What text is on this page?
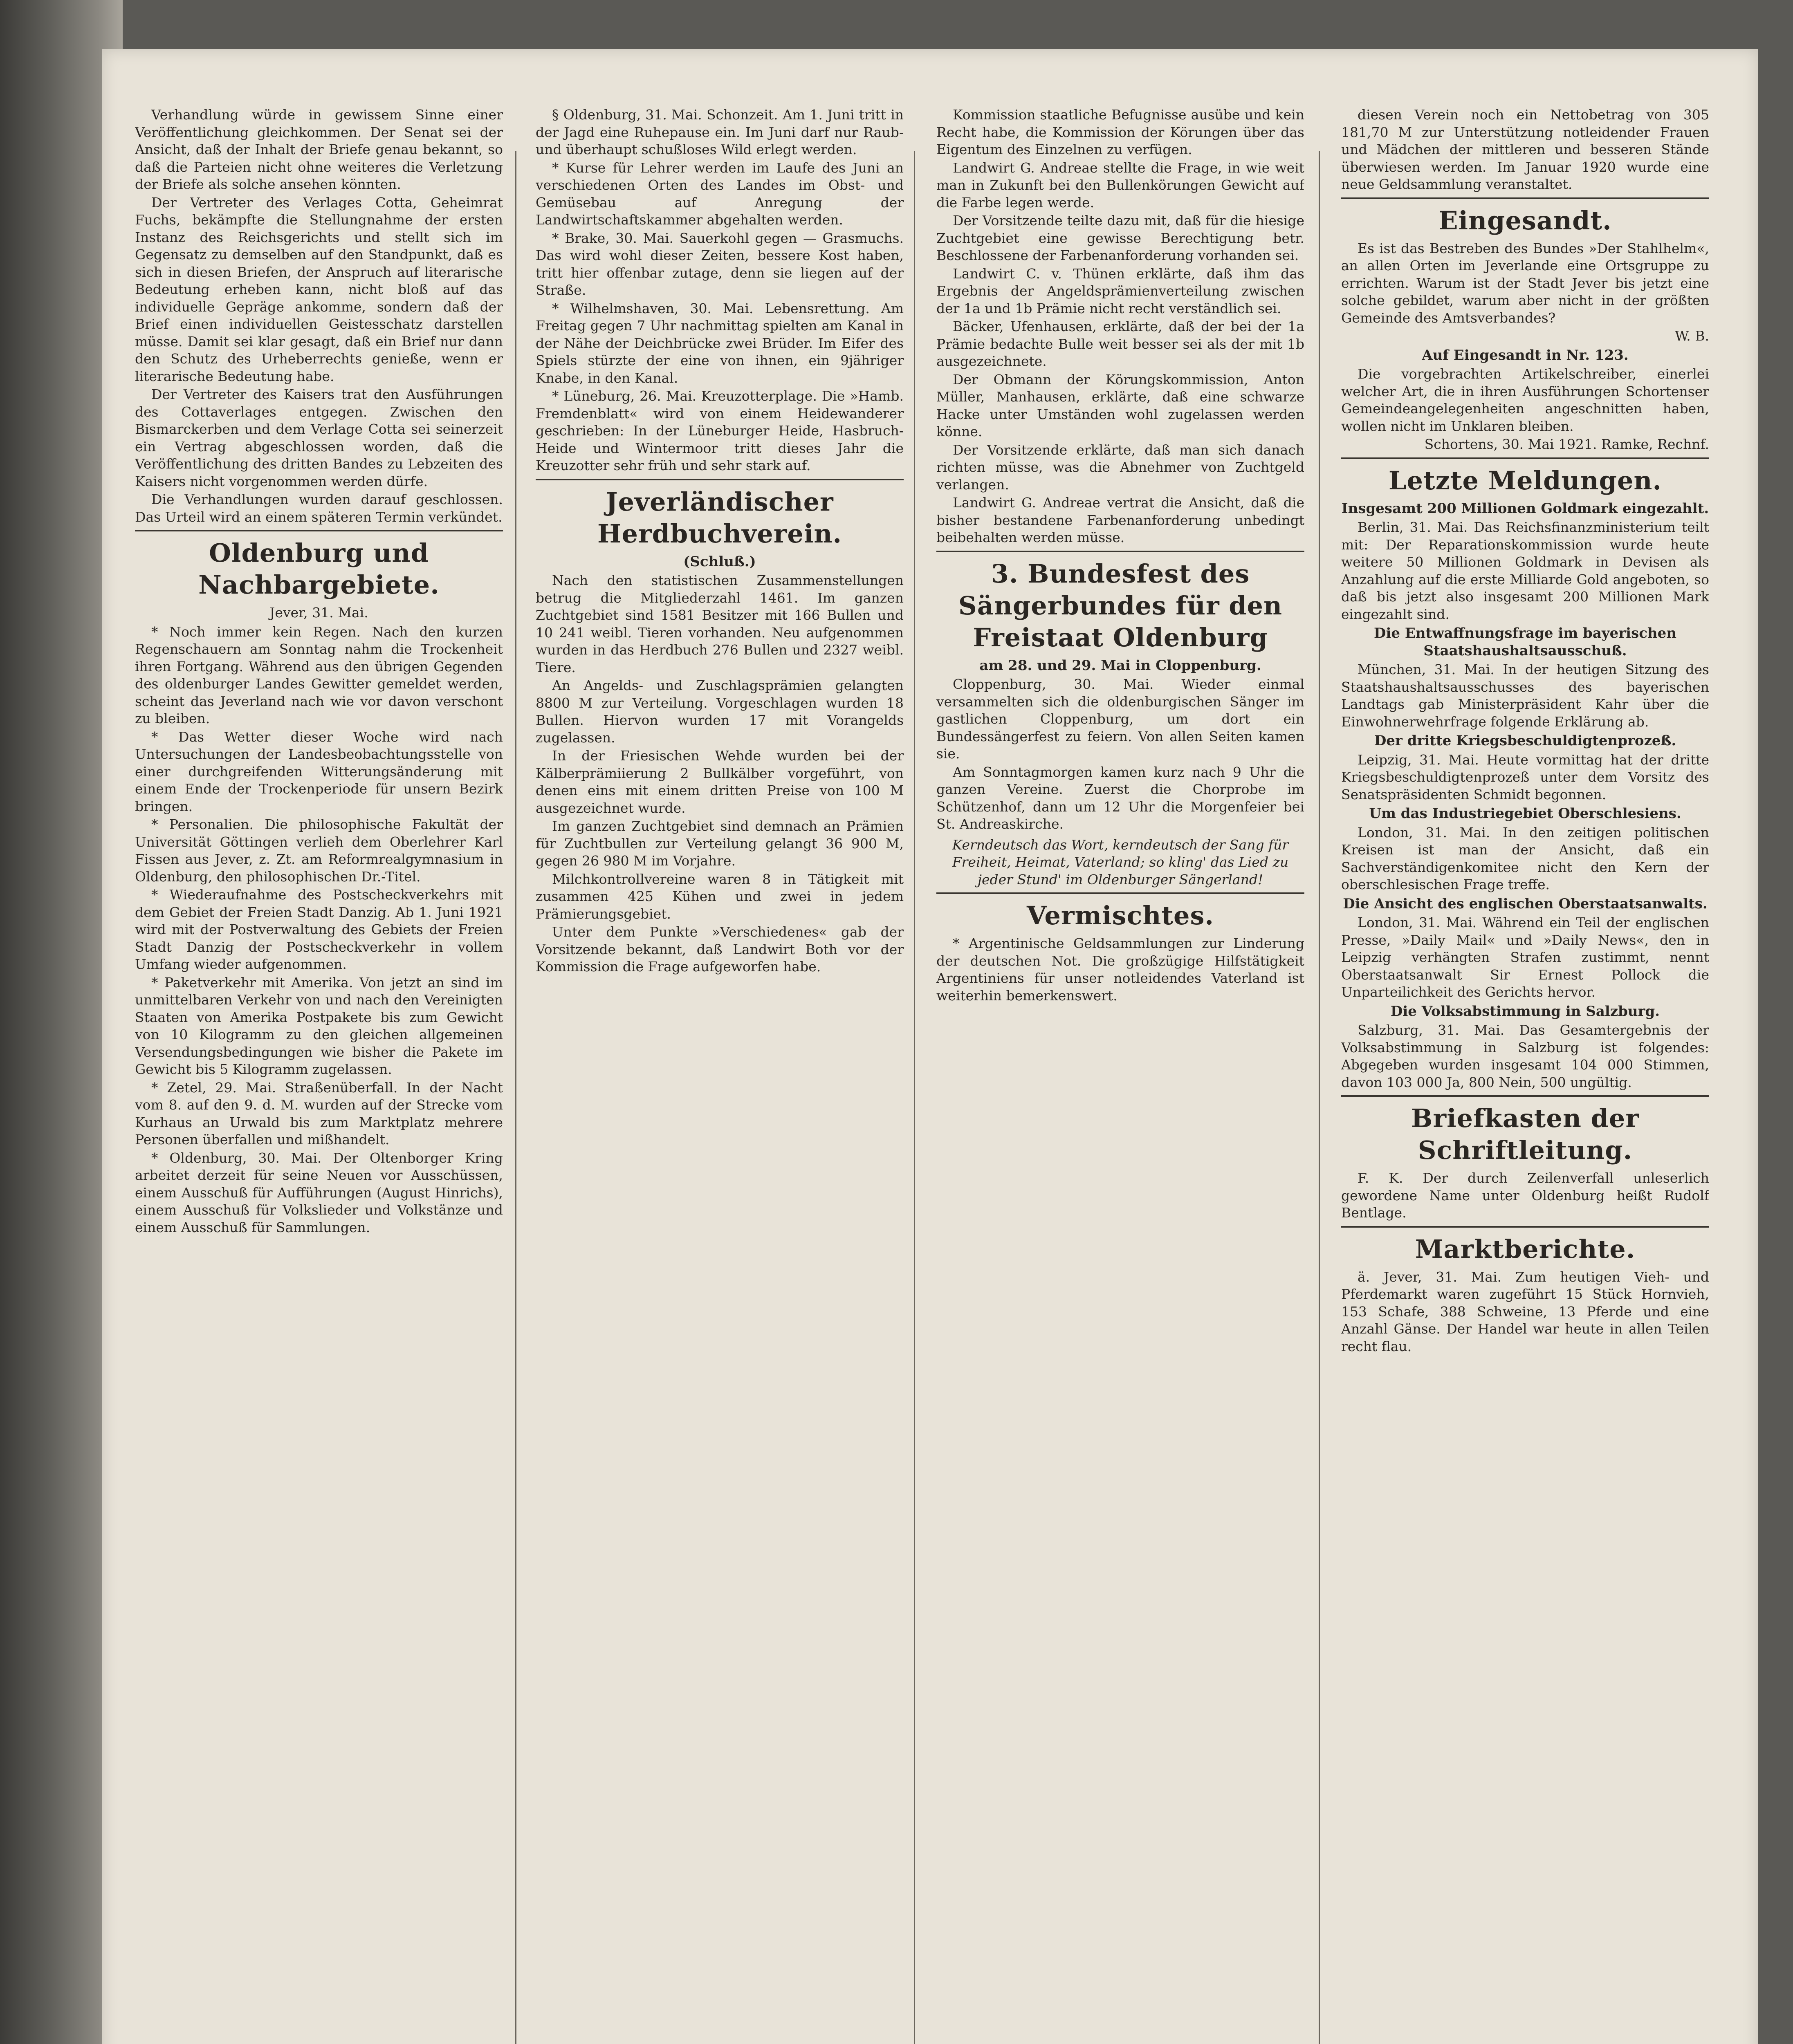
Verhandlung würde in gewissem Sinne einer Veröffentlichung gleichkommen. Der Senat sei der Ansicht, daß der Inhalt der Briefe genau bekannt, so daß die Parteien nicht ohne weiteres die Verletzung der Briefe als solche ansehen könnten.

Der Vertreter des Verlages Cotta, Geheimrat Fuchs, bekämpfte die Stellungnahme der ersten Instanz des Reichsgerichts und stellt sich im Gegensatz zu demselben auf den Standpunkt, daß es sich in diesen Briefen, der Anspruch auf literarische Bedeutung erheben kann, nicht bloß auf das individuelle Gepräge ankomme, sondern daß der Brief einen individuellen Geistesschatz darstellen müsse. Damit sei klar gesagt, daß ein Brief nur dann den Schutz des Urheberrechts genieße, wenn er literarische Bedeutung habe.

Der Vertreter des Kaisers trat den Ausführungen des Cottaverlages entgegen. Zwischen den Bismarckerben und dem Verlage Cotta sei seinerzeit ein Vertrag abgeschlossen worden, daß die Veröffentlichung des dritten Bandes zu Lebzeiten des Kaisers nicht vorgenommen werden dürfe.

Die Verhandlungen wurden darauf geschlossen. Das Urteil wird an einem späteren Termin verkündet.

Oldenburg und Nachbargebiete.
Jever, 31. Mai.

* Noch immer kein Regen. Nach den kurzen Regenschauern am Sonntag nahm die Trockenheit ihren Fortgang. Während aus den übrigen Gegenden des oldenburger Landes Gewitter gemeldet werden, scheint das Jeverland nach wie vor davon verschont zu bleiben.

* Das Wetter dieser Woche wird nach Untersuchungen der Landesbeobachtungsstelle von einer durchgreifenden Witterungsänderung mit einem Ende der Trockenperiode für unsern Bezirk bringen.

* Personalien. Die philosophische Fakultät der Universität Göttingen verlieh dem Oberlehrer Karl Fissen aus Jever, z. Zt. am Reformrealgymnasium in Oldenburg, den philosophischen Dr.-Titel.

* Wiederaufnahme des Postscheckverkehrs mit dem Gebiet der Freien Stadt Danzig. Ab 1. Juni 1921 wird mit der Postverwaltung des Gebiets der Freien Stadt Danzig der Postscheckverkehr in vollem Umfang wieder aufgenommen.

* Paketverkehr mit Amerika. Von jetzt an sind im unmittelbaren Verkehr von und nach den Vereinigten Staaten von Amerika Postpakete bis zum Gewicht von 10 Kilogramm zu den gleichen allgemeinen Versendungsbedingungen wie bisher die Pakete im Gewicht bis 5 Kilogramm zugelassen.

* Zetel, 29. Mai. Straßenüberfall. In der Nacht vom 8. auf den 9. d. M. wurden auf der Strecke vom Kurhaus an Urwald bis zum Marktplatz mehrere Personen überfallen und mißhandelt.

* Oldenburg, 30. Mai. Der Oltenborger Kring arbeitet derzeit für seine Neuen vor Ausschüssen, einem Ausschuß für Aufführungen (August Hinrichs), einem Ausschuß für Volkslieder und Volkstänze und einem Ausschuß für Sammlungen.

§ Oldenburg, 31. Mai. Schonzeit. Am 1. Juni tritt in der Jagd eine Ruhepause ein. Im Juni darf nur Raub- und überhaupt schußloses Wild erlegt werden.

* Kurse für Lehrer werden im Laufe des Juni an verschiedenen Orten des Landes im Obst- und Gemüsebau auf Anregung der Landwirtschaftskammer abgehalten werden.

* Brake, 30. Mai. Sauerkohl gegen — Grasmuchs. Das wird wohl dieser Zeiten, bessere Kost haben, tritt hier offenbar zutage, denn sie liegen auf der Straße.

* Wilhelmshaven, 30. Mai. Lebensrettung. Am Freitag gegen 7 Uhr nachmittag spielten am Kanal in der Nähe der Deichbrücke zwei Brüder. Im Eifer des Spiels stürzte der eine von ihnen, ein 9jähriger Knabe, in den Kanal.

* Lüneburg, 26. Mai. Kreuzotterplage. Die »Hamb. Fremdenblatt« wird von einem Heidewanderer geschrieben: In der Lüneburger Heide, Hasbruch-Heide und Wintermoor tritt dieses Jahr die Kreuzotter sehr früh und sehr stark auf.

Jeverländischer Herdbuchverein.
(Schluß.)

Nach den statistischen Zusammenstellungen betrug die Mitgliederzahl 1461. Im ganzen Zuchtgebiet sind 1581 Besitzer mit 166 Bullen und 10 241 weibl. Tieren vorhanden. Neu aufgenommen wurden in das Herdbuch 276 Bullen und 2327 weibl. Tiere.

An Angelds- und Zuschlagsprämien gelangten 8800 M zur Verteilung. Vorgeschlagen wurden 18 Bullen. Hiervon wurden 17 mit Vorangelds zugelassen.

In der Friesischen Wehde wurden bei der Kälberprämiierung 2 Bullkälber vorgeführt, von denen eins mit einem dritten Preise von 100 M ausgezeichnet wurde.

Im ganzen Zuchtgebiet sind demnach an Prämien für Zuchtbullen zur Verteilung gelangt 36 900 M, gegen 26 980 M im Vorjahre.

Milchkontrollvereine waren 8 in Tätigkeit mit zusammen 425 Kühen und zwei in jedem Prämierungsgebiet.

Unter dem Punkte »Verschiedenes« gab der Vorsitzende bekannt, daß Landwirt Both vor der Kommission die Frage aufgeworfen habe.

Kommission staatliche Befugnisse ausübe und kein Recht habe, die Kommission der Körungen über das Eigentum des Einzelnen zu verfügen.

Landwirt G. Andreae stellte die Frage, in wie weit man in Zukunft bei den Bullenkörungen Gewicht auf die Farbe legen werde.

Der Vorsitzende teilte dazu mit, daß für die hiesige Zuchtgebiet eine gewisse Berechtigung betr. Beschlossene der Farbenanforderung vorhanden sei.

Landwirt C. v. Thünen erklärte, daß ihm das Ergebnis der Angeldsprämienverteilung zwischen der 1a und 1b Prämie nicht recht verständlich sei.

Bäcker, Ufenhausen, erklärte, daß der bei der 1a Prämie bedachte Bulle weit besser sei als der mit 1b ausgezeichnete.

Der Obmann der Körungskommission, Anton Müller, Manhausen, erklärte, daß eine schwarze Hacke unter Umständen wohl zugelassen werden könne.

Der Vorsitzende erklärte, daß man sich danach richten müsse, was die Abnehmer von Zuchtgeld verlangen.

Landwirt G. Andreae vertrat die Ansicht, daß die bisher bestandene Farbenanforderung unbedingt beibehalten werden müsse.

3. Bundesfest des Sängerbundes für den Freistaat Oldenburg
am 28. und 29. Mai in Cloppenburg.

Cloppenburg, 30. Mai. Wieder einmal versammelten sich die oldenburgischen Sänger im gastlichen Cloppenburg, um dort ein Bundessängerfest zu feiern. Von allen Seiten kamen sie.

Am Sonntagmorgen kamen kurz nach 9 Uhr die ganzen Vereine. Zuerst die Chorprobe im Schützenhof, dann um 12 Uhr die Morgenfeier bei St. Andreaskirche.

Kerndeutsch das Wort, kerndeutsch der Sang für Freiheit, Heimat, Vaterland; so kling' das Lied zu jeder Stund' im Oldenburger Sängerland!
Vermischtes.

* Argentinische Geldsammlungen zur Linderung der deutschen Not. Die großzügige Hilfstätigkeit Argentiniens für unser notleidendes Vaterland ist weiterhin bemerkenswert.

diesen Verein noch ein Nettobetrag von 305 181,70 M zur Unterstützung notleidender Frauen und Mädchen der mittleren und besseren Stände überwiesen werden. Im Januar 1920 wurde eine neue Geldsammlung veranstaltet.

Eingesandt.

Es ist das Bestreben des Bundes »Der Stahlhelm«, an allen Orten im Jeverlande eine Ortsgruppe zu errichten. Warum ist der Stadt Jever bis jetzt eine solche gebildet, warum aber nicht in der größten Gemeinde des Amtsverbandes?

W. B.
Auf Eingesandt in Nr. 123.

Die vorgebrachten Artikelschreiber, einerlei welcher Art, die in ihren Ausführungen Schortenser Gemeindeangelegenheiten angeschnitten haben, wollen nicht im Unklaren bleiben.

Schortens, 30. Mai 1921. Ramke, Rechnf.
Letzte Meldungen.
Insgesamt 200 Millionen Goldmark eingezahlt.

Berlin, 31. Mai. Das Reichsfinanzministerium teilt mit: Der Reparationskommission wurde heute weitere 50 Millionen Goldmark in Devisen als Anzahlung auf die erste Milliarde Gold angeboten, so daß bis jetzt also insgesamt 200 Millionen Mark eingezahlt sind.

Die Entwaffnungsfrage im bayerischen Staatshaushaltsausschuß.

München, 31. Mai. In der heutigen Sitzung des Staatshaushaltsausschusses des bayerischen Landtags gab Ministerpräsident Kahr über die Einwohnerwehrfrage folgende Erklärung ab.

Der dritte Kriegsbeschuldigtenprozeß.

Leipzig, 31. Mai. Heute vormittag hat der dritte Kriegsbeschuldigtenprozeß unter dem Vorsitz des Senatspräsidenten Schmidt begonnen.

Um das Industriegebiet Oberschlesiens.

London, 31. Mai. In den zeitigen politischen Kreisen ist man der Ansicht, daß ein Sachverständigenkomitee nicht den Kern der oberschlesischen Frage treffe.

Die Ansicht des englischen Oberstaatsanwalts.

London, 31. Mai. Während ein Teil der englischen Presse, »Daily Mail« und »Daily News«, den in Leipzig verhängten Strafen zustimmt, nennt Oberstaatsanwalt Sir Ernest Pollock die Unparteilichkeit des Gerichts hervor.

Die Volksabstimmung in Salzburg.

Salzburg, 31. Mai. Das Gesamtergebnis der Volksabstimmung in Salzburg ist folgendes: Abgegeben wurden insgesamt 104 000 Stimmen, davon 103 000 Ja, 800 Nein, 500 ungültig.

Briefkasten der Schriftleitung.

F. K. Der durch Zeilenverfall unleserlich gewordene Name unter Oldenburg heißt Rudolf Bentlage.

Marktberichte.

ä. Jever, 31. Mai. Zum heutigen Vieh- und Pferdemarkt waren zugeführt 15 Stück Hornvieh, 153 Schafe, 388 Schweine, 13 Pferde und eine Anzahl Gänse. Der Handel war heute in allen Teilen recht flau.
